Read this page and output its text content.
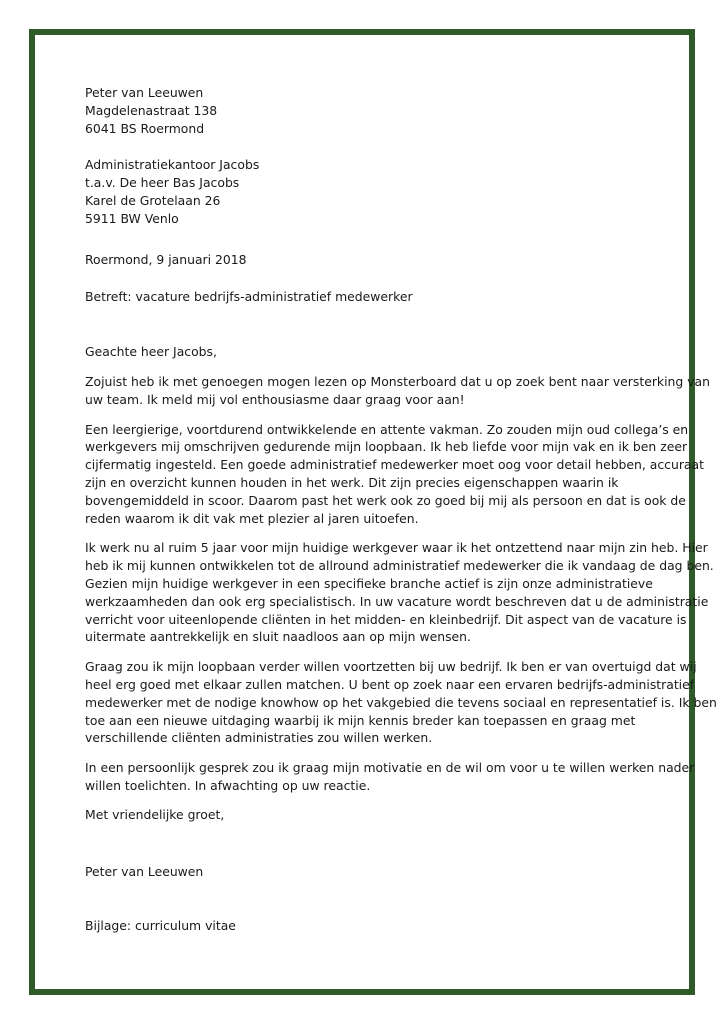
Peter van Leeuwen
Magdelenastraat 138
6041 BS Roermond
Administratiekantoor Jacobs
t.a.v. De heer Bas Jacobs
Karel de Grotelaan 26
5911 BW Venlo
Roermond, 9 januari 2018
Betreft: vacature bedrijfs-administratief medewerker
Geachte heer Jacobs,
Zojuist heb ik met genoegen mogen lezen op Monsterboard dat u op zoek bent naar versterking van
uw team. Ik meld mij vol enthousiasme daar graag voor aan!
Een leergierige, voortdurend ontwikkelende en attente vakman. Zo zouden mijn oud collega’s en
werkgevers mij omschrijven gedurende mijn loopbaan. Ik heb liefde voor mijn vak en ik ben zeer
cijfermatig ingesteld. Een goede administratief medewerker moet oog voor detail hebben, accuraat
zijn en overzicht kunnen houden in het werk. Dit zijn precies eigenschappen waarin ik
bovengemiddeld in scoor. Daarom past het werk ook zo goed bij mij als persoon en dat is ook de
reden waarom ik dit vak met plezier al jaren uitoefen.
Ik werk nu al ruim 5 jaar voor mijn huidige werkgever waar ik het ontzettend naar mijn zin heb. Hier
heb ik mij kunnen ontwikkelen tot de allround administratief medewerker die ik vandaag de dag ben.
Gezien mijn huidige werkgever in een specifieke branche actief is zijn onze administratieve
werkzaamheden dan ook erg specialistisch. In uw vacature wordt beschreven dat u de administratie
verricht voor uiteenlopende cliënten in het midden- en kleinbedrijf. Dit aspect van de vacature is
uitermate aantrekkelijk en sluit naadloos aan op mijn wensen.
Graag zou ik mijn loopbaan verder willen voortzetten bij uw bedrijf. Ik ben er van overtuigd dat wij
heel erg goed met elkaar zullen matchen. U bent op zoek naar een ervaren bedrijfs-administratief
medewerker met de nodige knowhow op het vakgebied die tevens sociaal en representatief is. Ik ben
toe aan een nieuwe uitdaging waarbij ik mijn kennis breder kan toepassen en graag met
verschillende cliënten administraties zou willen werken.
In een persoonlijk gesprek zou ik graag mijn motivatie en de wil om voor u te willen werken nader
willen toelichten. In afwachting op uw reactie.
Met vriendelijke groet,
Peter van Leeuwen
Bijlage: curriculum vitae
